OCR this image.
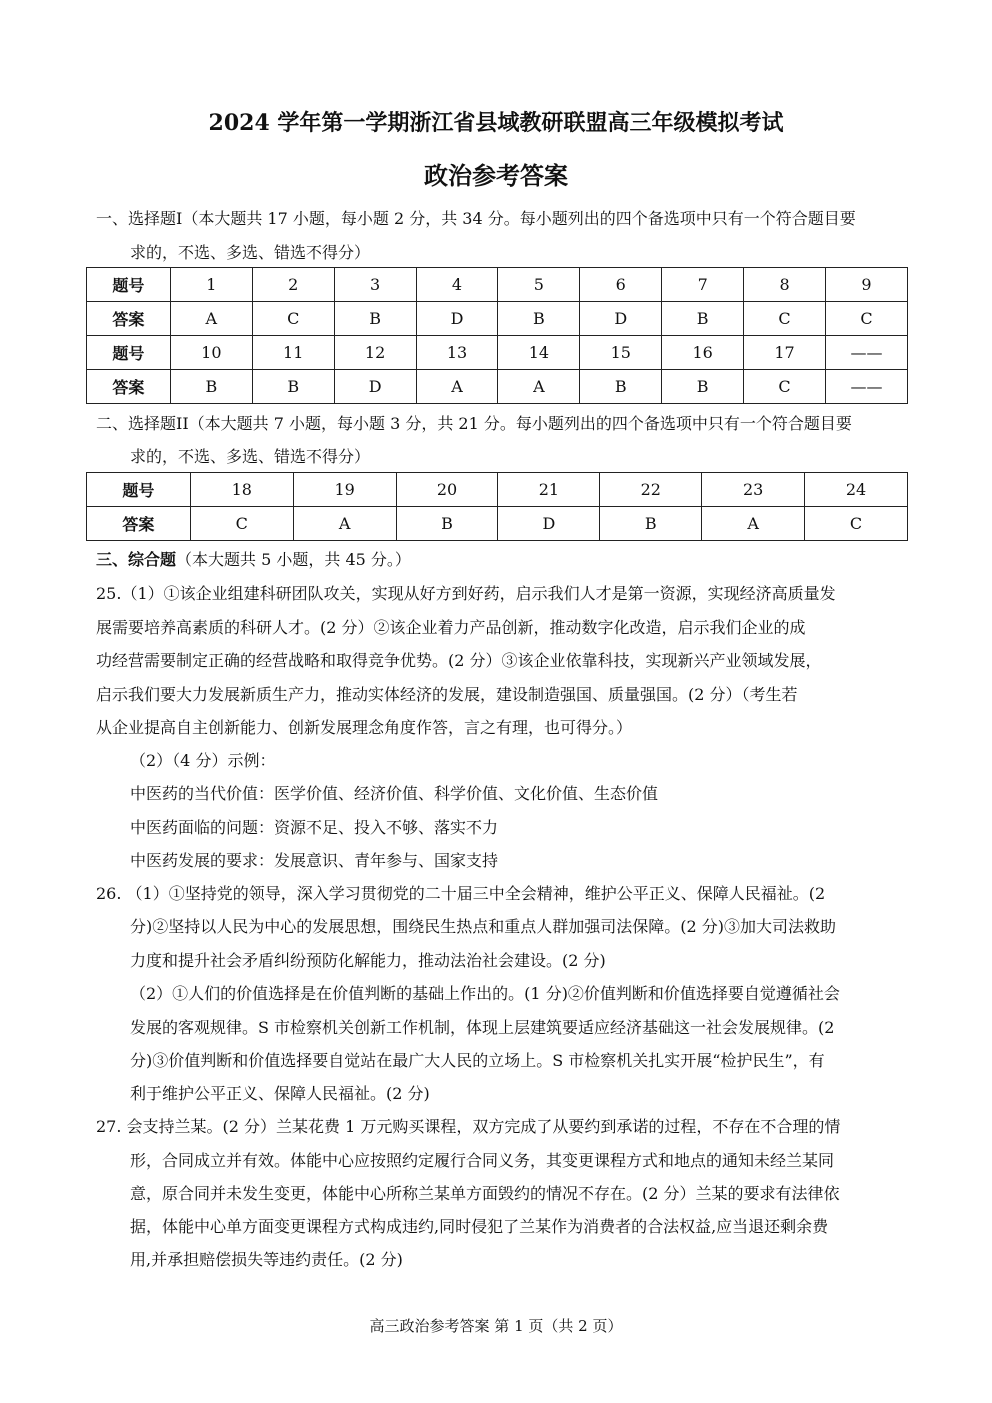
2024 学年第一学期浙江省县域教研联盟高三年级模拟考试
政治参考答案
一、选择题I（本大题共 17 小题，每小题 2 分，共 34 分。每小题列出的四个备选项中只有一个符合题目要
求的，不选、多选、错选不得分）
题号	1	2	3	4	5	6	7	8	9
答案	A	C	B	D	B	D	B	C	C
题号	10	11	12	13	14	15	16	17	——
答案	B	B	D	A	A	B	B	C	——
二、选择题II（本大题共 7 小题，每小题 3 分，共 21 分。每小题列出的四个备选项中只有一个符合题目要
求的，不选、多选、错选不得分）
题号	18	19	20	21	22	23	24
答案	C	A	B	D	B	A	C
三、综合题（本大题共 5 小题，共 45 分。）
25.（1）①该企业组建科研团队攻关，实现从好方到好药，启示我们人才是第一资源，实现经济高质量发
展需要培养高素质的科研人才。(2 分）②该企业着力产品创新，推动数字化改造，启示我们企业的成
功经营需要制定正确的经营战略和取得竞争优势。(2 分）③该企业依靠科技，实现新兴产业领域发展，
启示我们要大力发展新质生产力，推动实体经济的发展，建设制造强国、质量强国。(2 分）（考生若
从企业提高自主创新能力、创新发展理念角度作答，言之有理，也可得分。）
（2）（4 分）示例：
中医药的当代价值：医学价值、经济价值、科学价值、文化价值、生态价值
中医药面临的问题：资源不足、投入不够、落实不力
中医药发展的要求：发展意识、青年参与、国家支持
26. （1）①坚持党的领导，深入学习贯彻党的二十届三中全会精神，维护公平正义、保障人民福祉。(2
分)②坚持以人民为中心的发展思想，围绕民生热点和重点人群加强司法保障。(2 分)③加大司法救助
力度和提升社会矛盾纠纷预防化解能力，推动法治社会建设。(2 分)
（2）①人们的价值选择是在价值判断的基础上作出的。(1 分)②价值判断和价值选择要自觉遵循社会
发展的客观规律。S 市检察机关创新工作机制，体现上层建筑要适应经济基础这一社会发展规律。(2
分)③价值判断和价值选择要自觉站在最广大人民的立场上。S 市检察机关扎实开展“检护民生”，有
利于维护公平正义、保障人民福祉。(2 分)
27. 会支持兰某。(2 分）兰某花费 1 万元购买课程，双方完成了从要约到承诺的过程，不存在不合理的情
形，合同成立并有效。体能中心应按照约定履行合同义务，其变更课程方式和地点的通知未经兰某同
意，原合同并未发生变更，体能中心所称兰某单方面毁约的情况不存在。(2 分）兰某的要求有法律依
据，体能中心单方面变更课程方式构成违约,同时侵犯了兰某作为消费者的合法权益,应当退还剩余费
用,并承担赔偿损失等违约责任。(2 分)
高三政治参考答案 第 1 页（共 2 页）
